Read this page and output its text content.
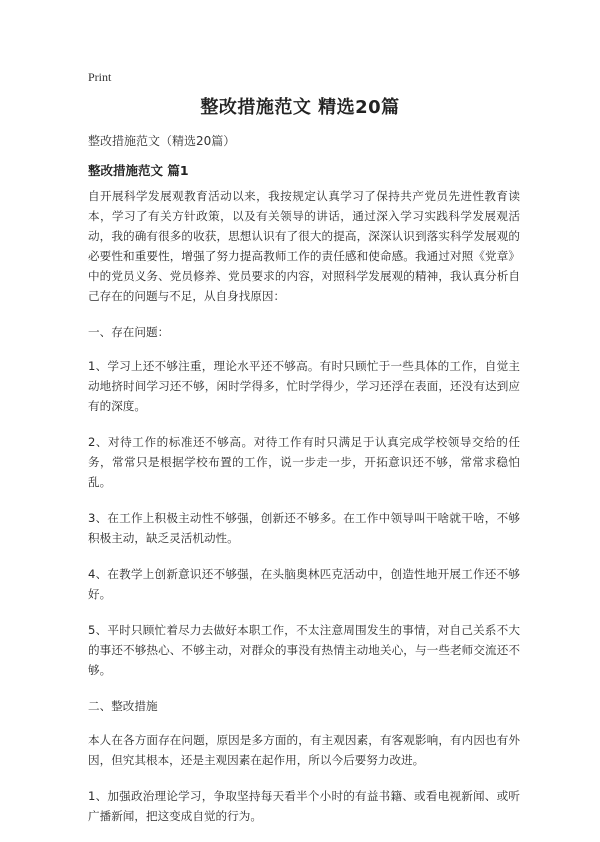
Print
整改措施范文 精选20篇
整改措施范文（精选20篇）
整改措施范文 篇1

自开展科学发展观教育活动以来，我按规定认真学习了保持共产党员先进性教育读本，学习了有关方针政策，以及有关领导的讲话，通过深入学习实践科学发展观活动，我的确有很多的收获，思想认识有了很大的提高，深深认识到落实科学发展观的必要性和重要性，增强了努力提高教师工作的责任感和使命感。我通过对照《党章》中的党员义务、党员修养、党员要求的内容，对照科学发展观的精神，我认真分析自己存在的问题与不足，从自身找原因：

一、存在问题：

1、学习上还不够注重，理论水平还不够高。有时只顾忙于一些具体的工作，自觉主动地挤时间学习还不够，闲时学得多，忙时学得少，学习还浮在表面，还没有达到应有的深度。

2、对待工作的标准还不够高。对待工作有时只满足于认真完成学校领导交给的任务，常常只是根据学校布置的工作，说一步走一步，开拓意识还不够，常常求稳怕乱。

3、在工作上积极主动性不够强，创新还不够多。在工作中领导叫干啥就干啥，不够积极主动，缺乏灵活机动性。

4、在教学上创新意识还不够强，在头脑奥林匹克活动中，创造性地开展工作还不够好。

5、平时只顾忙着尽力去做好本职工作，不太注意周围发生的事情，对自己关系不大的事还不够热心、不够主动，对群众的事没有热情主动地关心，与一些老师交流还不够。

二、整改措施

本人在各方面存在问题，原因是多方面的，有主观因素，有客观影响，有内因也有外因，但究其根本，还是主观因素在起作用，所以今后要努力改进。

1、加强政治理论学习，争取坚持每天看半个小时的有益书籍、或看电视新闻、或听广播新闻，把这变成自觉的行为。
